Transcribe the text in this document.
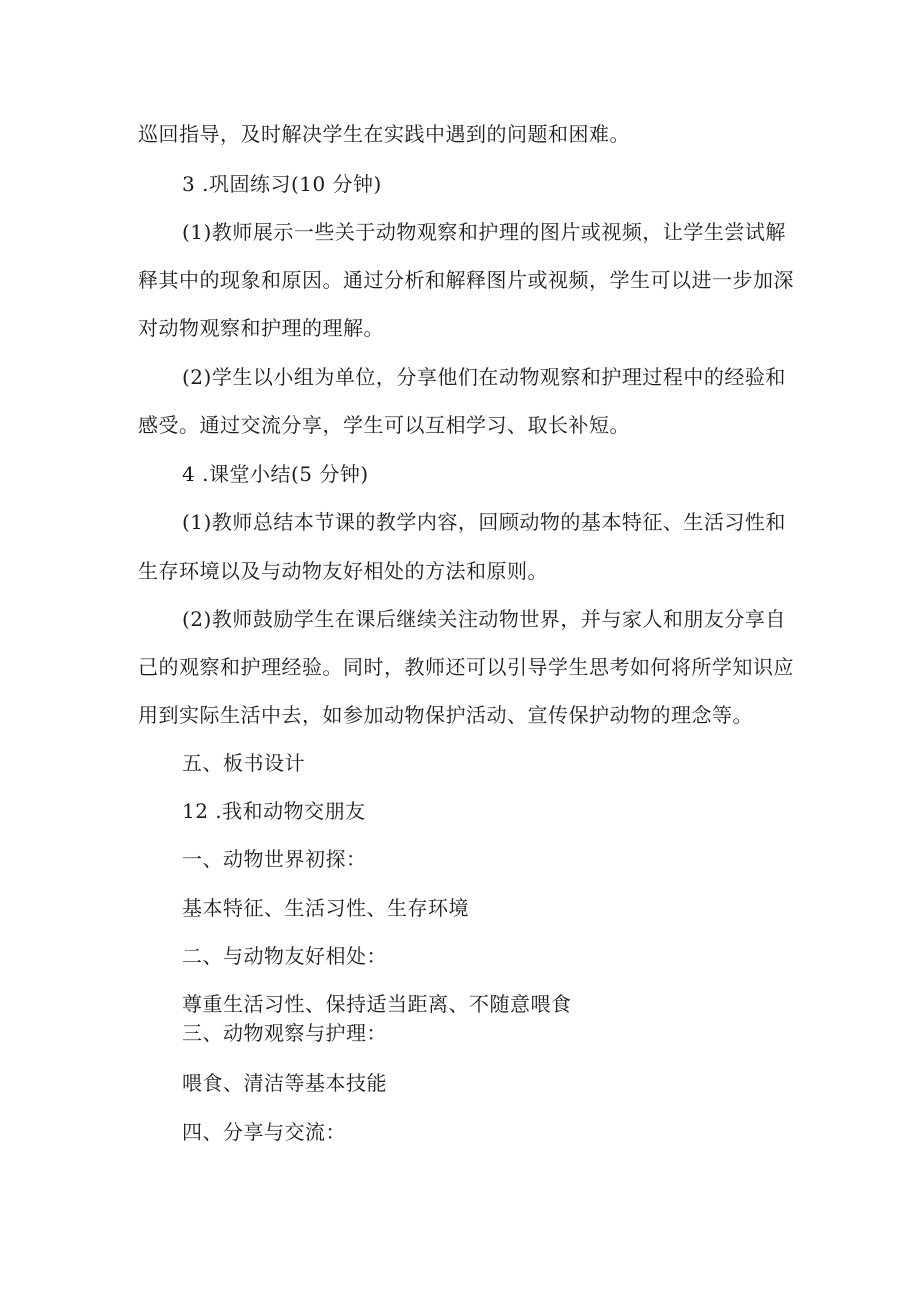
巡回指导，及时解决学生在实践中遇到的问题和困难。
3 .巩固练习(10 分钟)
(1)教师展示一些关于动物观察和护理的图片或视频，让学生尝试解
释其中的现象和原因。通过分析和解释图片或视频，学生可以进一步加深
对动物观察和护理的理解。
(2)学生以小组为单位，分享他们在动物观察和护理过程中的经验和
感受。通过交流分享，学生可以互相学习、取长补短。
4 .课堂小结(5 分钟)
(1)教师总结本节课的教学内容，回顾动物的基本特征、生活习性和
生存环境以及与动物友好相处的方法和原则。
(2)教师鼓励学生在课后继续关注动物世界，并与家人和朋友分享自
己的观察和护理经验。同时，教师还可以引导学生思考如何将所学知识应
用到实际生活中去，如参加动物保护活动、宣传保护动物的理念等。
五、板书设计
12 .我和动物交朋友
一、动物世界初探：
基本特征、生活习性、生存环境
二、与动物友好相处：
尊重生活习性、保持适当距离、不随意喂食
三、动物观察与护理：
喂食、清洁等基本技能
四、分享与交流：
